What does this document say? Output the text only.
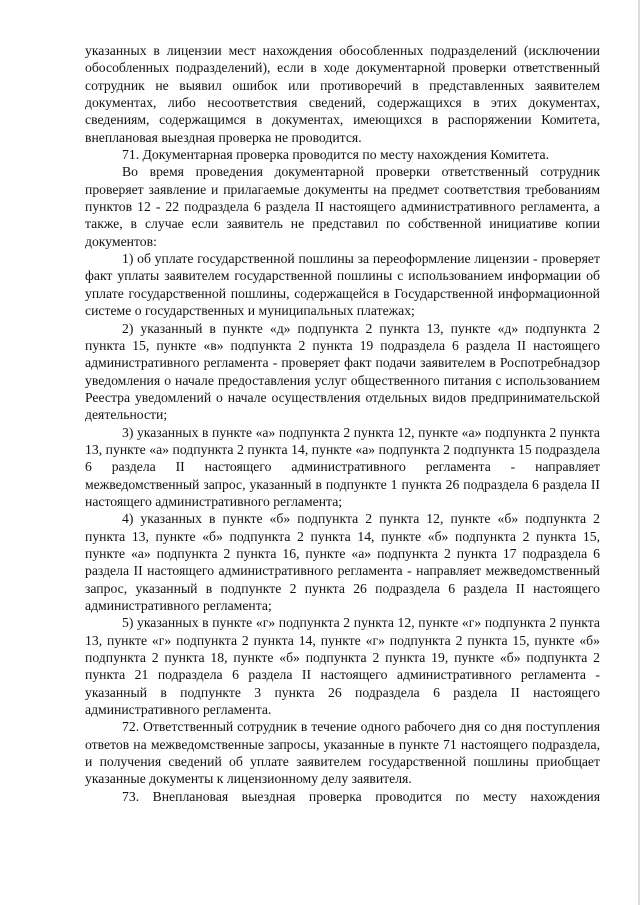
указанных в лицензии мест нахождения обособленных подразделений (исключении обособленных подразделений), если в ходе документарной проверки ответственный сотрудник не выявил ошибок или противоречий в представленных заявителем документах, либо несоответствия сведений, содержащихся в этих документах, сведениям, содержащимся в документах, имеющихся в распоряжении Комитета, внеплановая выездная проверка не проводится.

71. Документарная проверка проводится по месту нахождения Комитета.

Во время проведения документарной проверки ответственный сотрудник проверяет заявление и прилагаемые документы на предмет соответствия требованиям пунктов 12 - 22 подраздела 6 раздела II настоящего административного регламента, а также, в случае если заявитель не представил по собственной инициативе копии документов:

1) об уплате государственной пошлины за переоформление лицензии - проверяет факт уплаты заявителем государственной пошлины с использованием информации об уплате государственной пошлины, содержащейся в Государственной информационной системе о государственных и муниципальных платежах;

2) указанный в пункте «д» подпункта 2 пункта 13, пункте «д» подпункта 2 пункта 15, пункте «в» подпункта 2 пункта 19 подраздела 6 раздела II настоящего административного регламента - проверяет факт подачи заявителем в Роспотребнадзор уведомления о начале предоставления услуг общественного питания с использованием Реестра уведомлений о начале осуществления отдельных видов предпринимательской деятельности;

3) указанных в пункте «а» подпункта 2 пункта 12, пункте «а» подпункта 2 пункта 13, пункте «а» подпункта 2 пункта 14, пункте «а» подпункта 2 подпункта 15 подраздела 6 раздела II настоящего административного регламента - направляет межведомственный запрос, указанный в подпункте 1 пункта 26 подраздела 6 раздела II настоящего административного регламента;

4) указанных в пункте «б» подпункта 2 пункта 12, пункте «б» подпункта 2 пункта 13, пункте «б» подпункта 2 пункта 14, пункте «б» подпункта 2 пункта 15, пункте «а» подпункта 2 пункта 16, пункте «а» подпункта 2 пункта 17 подраздела 6 раздела II настоящего административного регламента - направляет межведомственный запрос, указанный в подпункте 2 пункта 26 подраздела 6 раздела II настоящего административного регламента;

5) указанных в пункте «г» подпункта 2 пункта 12, пункте «г» подпункта 2 пункта 13, пункте «г» подпункта 2 пункта 14, пункте «г» подпункта 2 пункта 15, пункте «б» подпункта 2 пункта 18, пункте «б» подпункта 2 пункта 19, пункте «б» подпункта 2 пункта 21 подраздела 6 раздела II настоящего административного регламента - указанный в подпункте 3 пункта 26 подраздела 6 раздела II настоящего административного регламента.

72. Ответственный сотрудник в течение одного рабочего дня со дня поступления ответов на межведомственные запросы, указанные в пункте 71 настоящего подраздела, и получения сведений об уплате заявителем государственной пошлины приобщает указанные документы к лицензионному делу заявителя.

73. Внеплановая выездная проверка проводится по месту нахождения
